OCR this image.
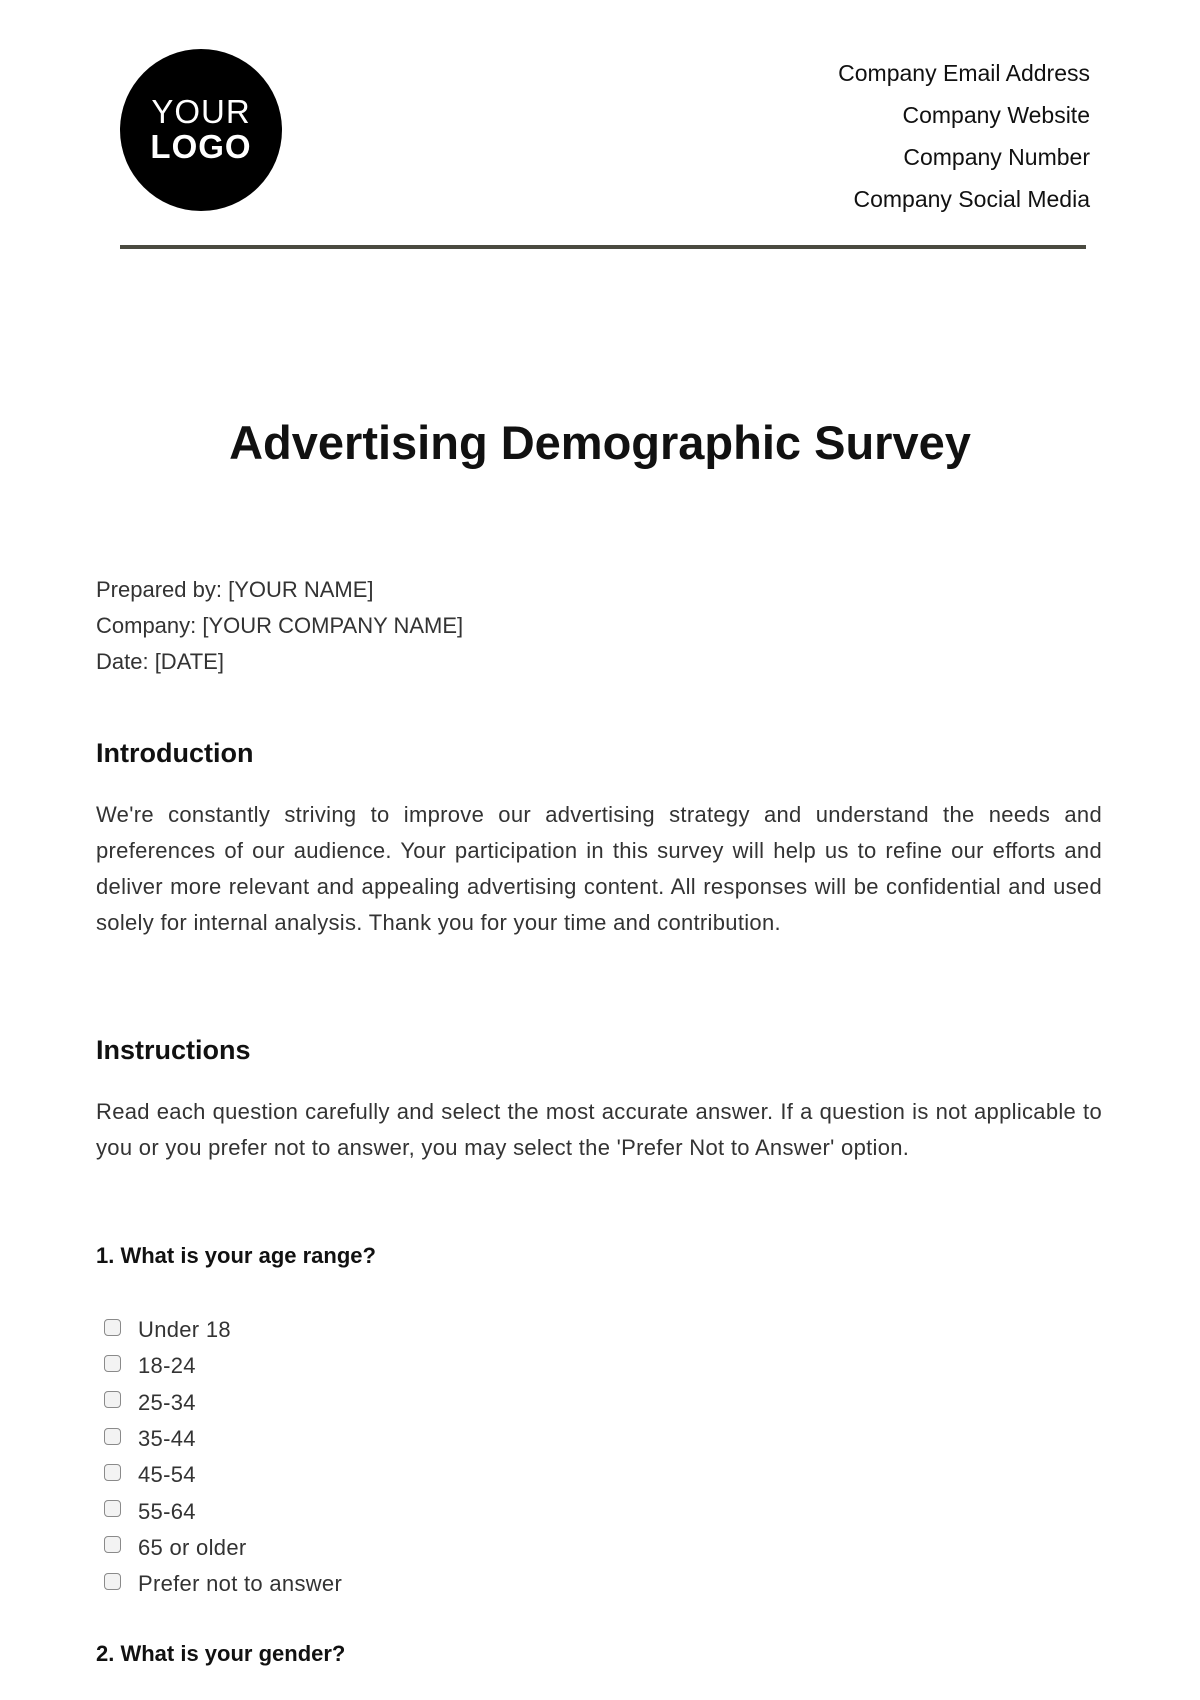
YOUR
LOGO
Company Email Address
Company Website
Company Number
Company Social Media
Advertising Demographic Survey
Prepared by: [YOUR NAME]
Company: [YOUR COMPANY NAME]
Date: [DATE]
Introduction
We're constantly striving to improve our advertising strategy and understand the needs and preferences of our audience. Your participation in this survey will help us to refine our efforts and deliver more relevant and appealing advertising content. All responses will be confidential and used solely for internal analysis. Thank you for your time and contribution.
Instructions
Read each question carefully and select the most accurate answer. If a question is not applicable to you or you prefer not to answer, you may select the 'Prefer Not to Answer' option.
1. What is your age range?
Under 18
18-24
25-34
35-44
45-54
55-64
65 or older
Prefer not to answer
2. What is your gender?
